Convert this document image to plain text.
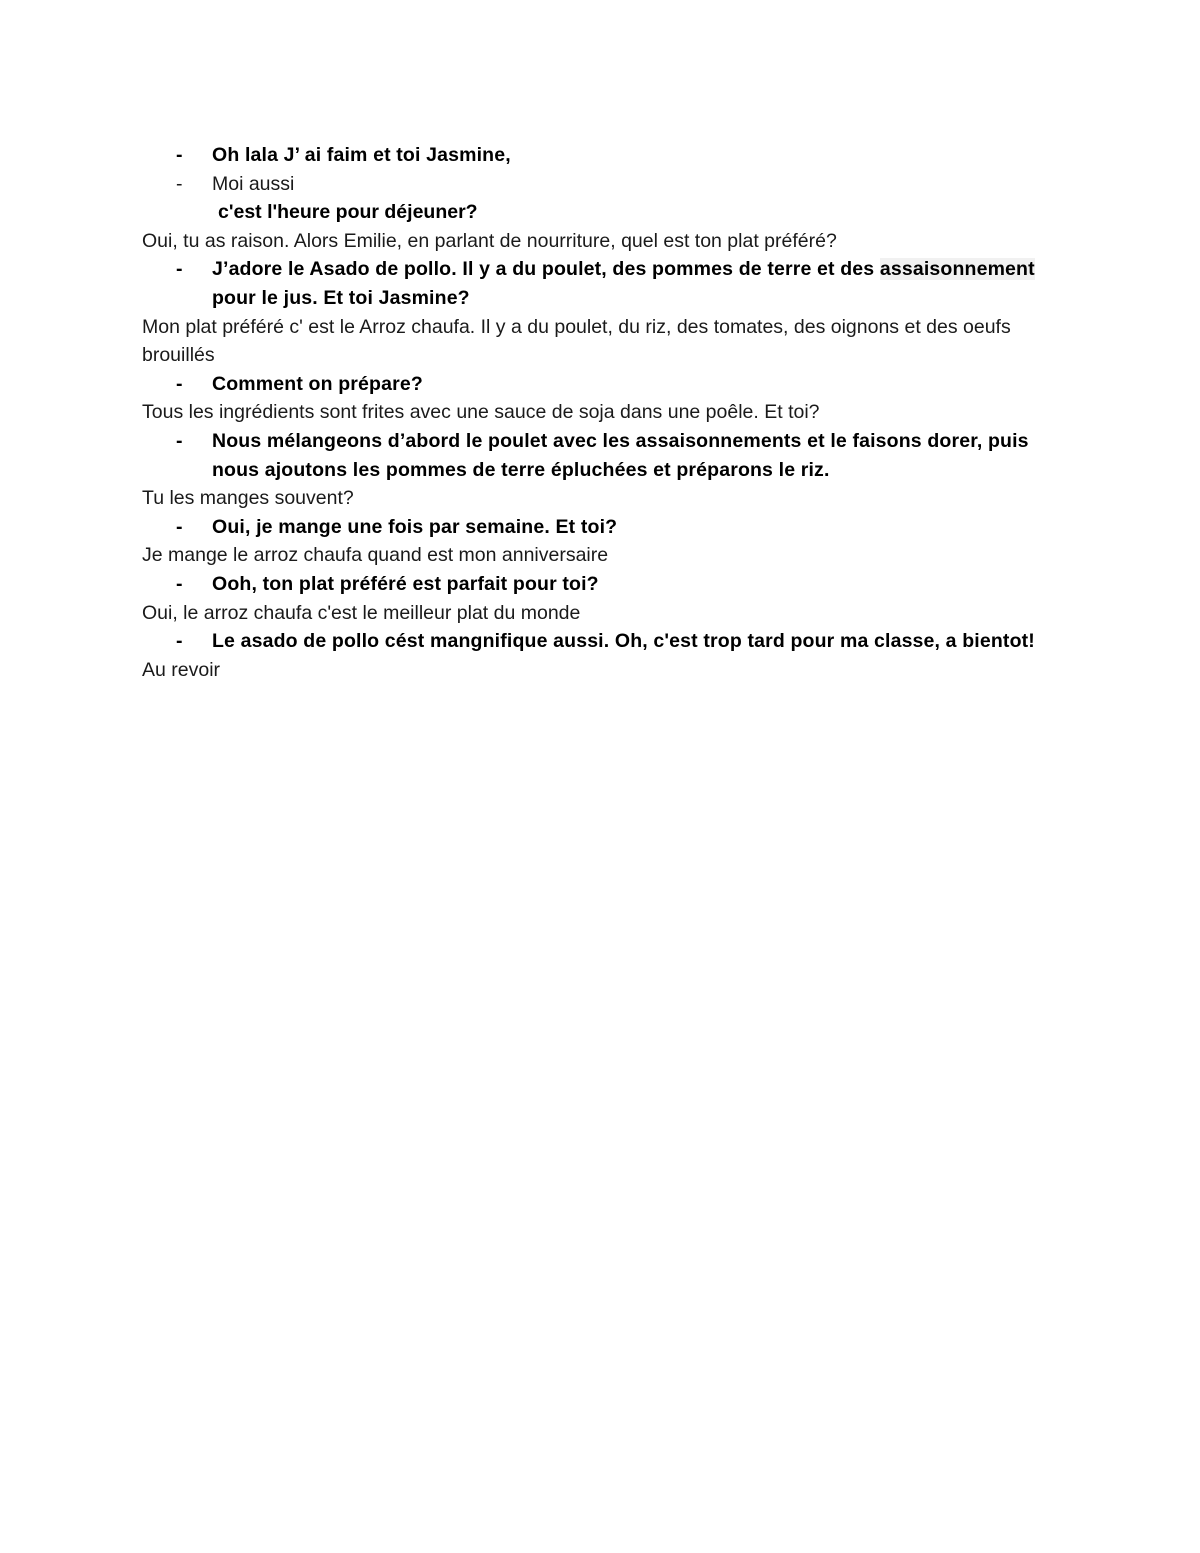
- Oh lala J’ ai faim et toi Jasmine,
- Moi aussi
c'est l'heure pour déjeuner?
Oui, tu as raison. Alors Emilie, en parlant de nourriture, quel est ton plat préféré?
- J’adore le Asado de pollo. Il y a du poulet, des pommes de terre et des assaisonnement pour le jus. Et toi Jasmine?
Mon plat préféré c' est le Arroz chaufa. Il y a du poulet, du riz, des tomates, des oignons et des oeufs brouillés
- Comment on prépare?
Tous les ingrédients sont frites avec une sauce de soja dans une poêle. Et toi?
- Nous mélangeons d’abord le poulet avec les assaisonnements et le faisons dorer, puis nous ajoutons les pommes de terre épluchées et préparons le riz.
Tu les manges souvent?
- Oui, je mange une fois par semaine. Et toi?
Je mange le arroz chaufa quand est mon anniversaire
- Ooh, ton plat préféré est parfait pour toi?
Oui, le arroz chaufa c'est le meilleur plat du monde
- Le asado de pollo cést mangnifique aussi. Oh, c'est trop tard pour ma classe, a bientot!
Au revoir
